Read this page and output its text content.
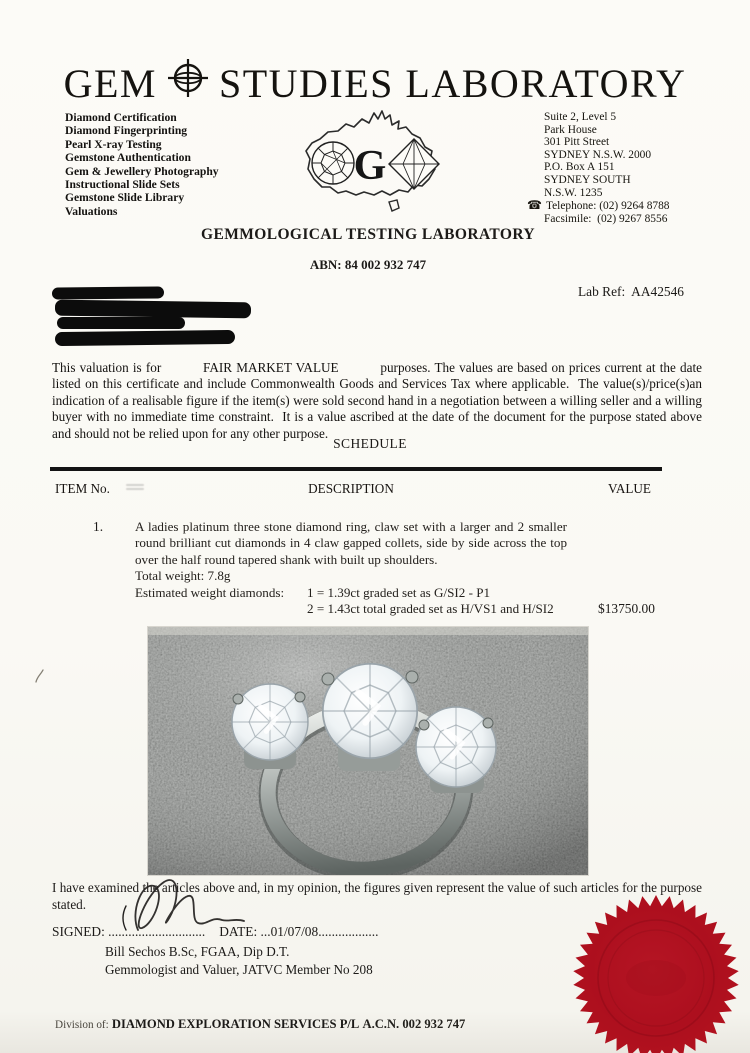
GEM STUDIES LABORATORY
Diamond Certification
Diamond Fingerprinting
Pearl X-ray Testing
Gemstone Authentication
Gem & Jewellery Photography
Instructional Slide Sets
Gemstone Slide Library
Valuations
G
Suite 2, Level 5
Park House
301 Pitt Street
SYDNEY N.S.W. 2000
P.O. Box A 151
SYDNEY SOUTH
N.S.W. 1235
☎ Telephone: (02) 9264 8788
Facsimile:  (02) 9267 8556
GEMMOLOGICAL TESTING LABORATORY
ABN: 84 002 932 747
Lab Ref:  AA42546
This valuation is for          FAIR MARKET VALUE          purposes. The values are based on prices current at the date listed on this certificate and include Commonwealth Goods and Services Tax where applicable.  The value(s)/price(s)an indication of a realisable figure if the item(s) were sold second hand in a negotiation between a willing seller and a willing buyer with no immediate time constraint.  It is a value ascribed at the date of the document for the purpose stated above and should not be relied upon for any other purpose.
SCHEDULE
ITEM No.	DESCRIPTION	VALUE
1. A ladies platinum three stone diamond ring, claw set with a larger and 2 smaller round brilliant cut diamonds in 4 claw gapped collets, side by side across the top over the half round tapered shank with built up shoulders.
Total weight: 7.8g
Estimated weight diamonds: 1 = 1.39ct graded set as G/SI2 - P1
2 = 1.43ct total graded set as H/VS1 and H/SI2	$13750.00
I have examined the articles above and, in my opinion, the figures given represent the value of such articles for the purpose stated.
SIGNED: ............................. DATE: ...01/07/08..................
Bill Sechos B.Sc, FGAA, Dip D.T.
Gemmologist and Valuer, JATVC Member No 208
Division of: DIAMOND EXPLORATION SERVICES P/L A.C.N. 002 932 747
